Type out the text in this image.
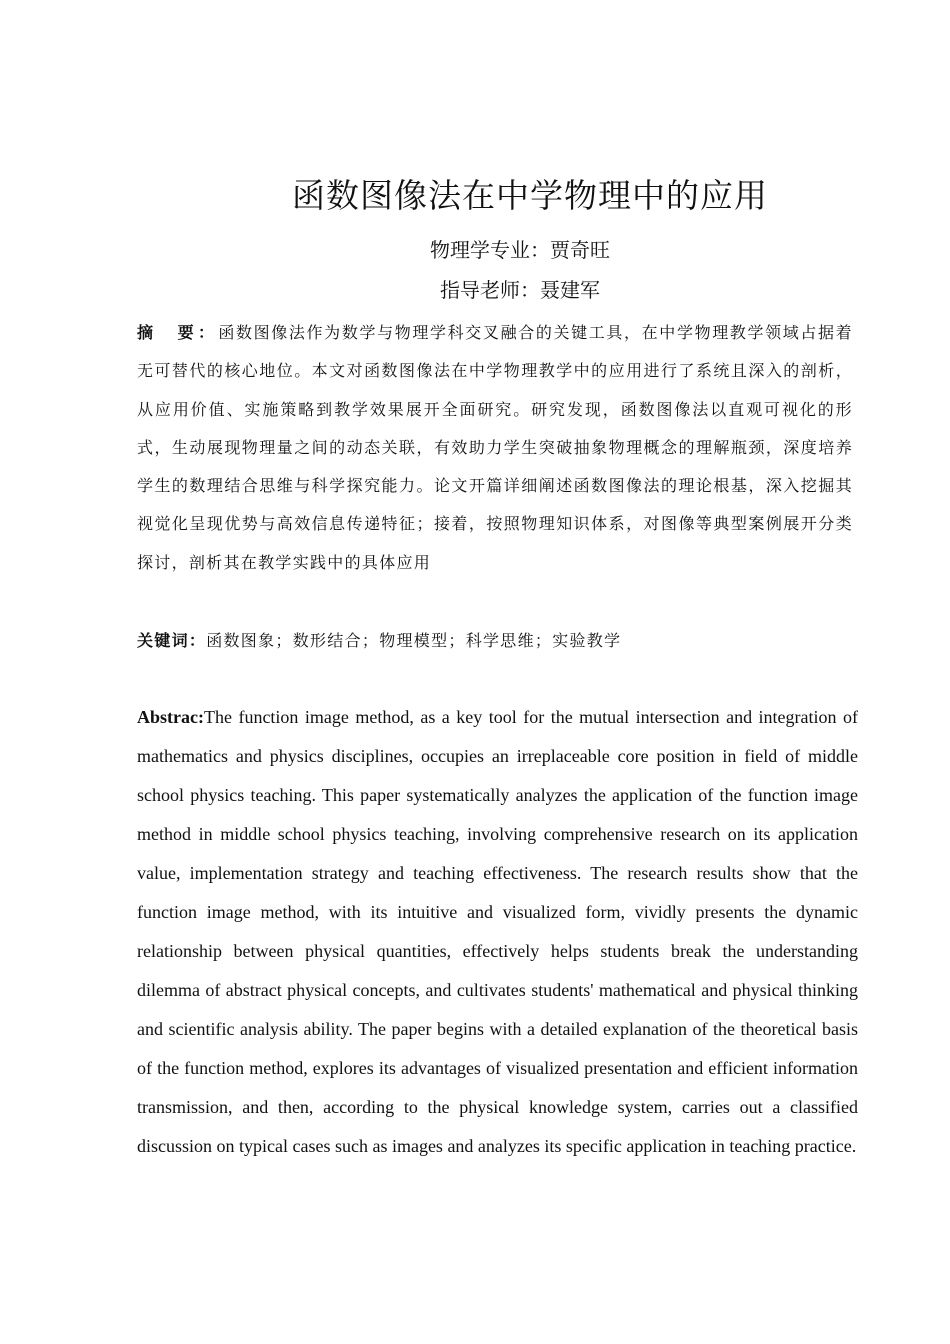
函数图像法在中学物理中的应用
物理学专业：贾奇旺
指导老师：聂建军
摘　要：函数图像法作为数学与物理学科交叉融合的关键工具，在中学物理教学领域占据着无可替代的核心地位。本文对函数图像法在中学物理教学中的应用进行了系统且深入的剖析，从应用价值、实施策略到教学效果展开全面研究。研究发现，函数图像法以直观可视化的形式，生动展现物理量之间的动态关联，有效助力学生突破抽象物理概念的理解瓶颈，深度培养学生的数理结合思维与科学探究能力。论文开篇详细阐述函数图像法的理论根基，深入挖掘其视觉化呈现优势与高效信息传递特征；接着，按照物理知识体系，对图像等典型案例展开分类探讨，剖析其在教学实践中的具体应用
关键词：函数图象；数形结合；物理模型；科学思维；实验教学
Abstrac:The function image method, as a key tool for the mutual intersection and integration of mathematics and physics disciplines, occupies an irreplaceable core position in field of middle school physics teaching. This paper systematically analyzes the application of the function image method in middle school physics teaching, involving comprehensive research on its application value, implementation strategy and teaching effectiveness. The research results show that the function image method, with its intuitive and visualized form, vividly presents the dynamic relationship between physical quantities, effectively helps students break the understanding dilemma of abstract physical concepts, and cultivates students' mathematical and physical thinking and scientific analysis ability. The paper begins with a detailed explanation of the theoretical basis of the function method, explores its advantages of visualized presentation and efficient information transmission, and then, according to the physical knowledge system, carries out a classified discussion on typical cases such as images and analyzes its specific application in teaching practice.
